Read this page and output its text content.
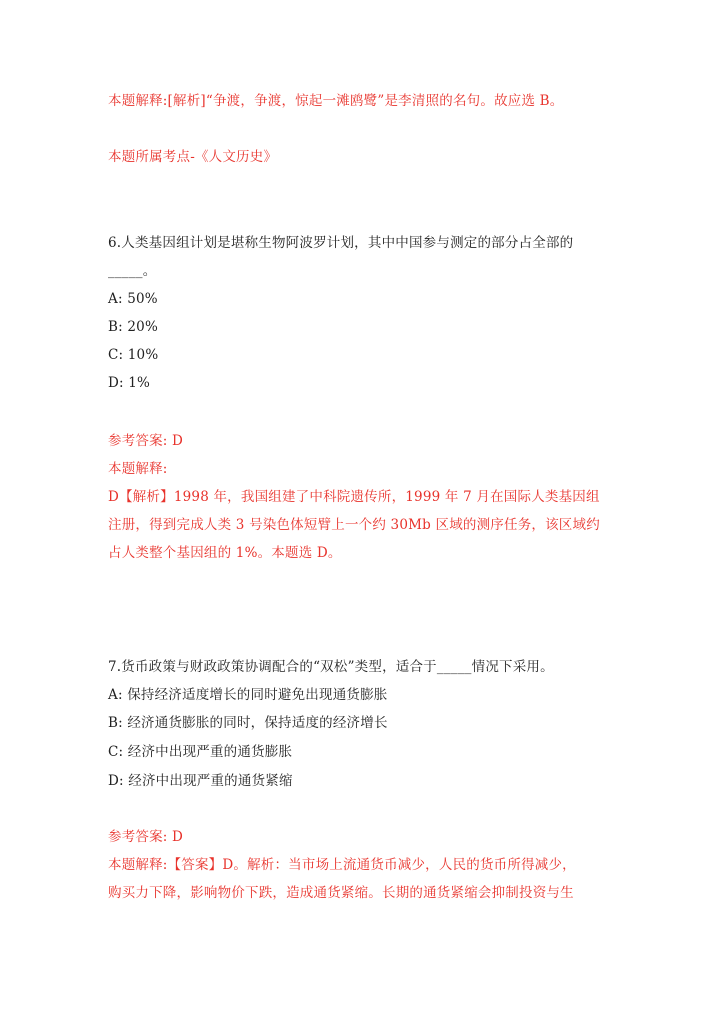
本题解释:[解析]“争渡，争渡，惊起一滩鸥鹭”是李清照的名句。故应选 B。
本题所属考点-《人文历史》
6.人类基因组计划是堪称生物阿波罗计划，其中中国参与测定的部分占全部的
_____。
A: 50%
B: 20%
C: 10%
D: 1%
参考答案: D
本题解释:
D【解析】1998 年，我国组建了中科院遗传所，1999 年 7 月在国际人类基因组
注册，得到完成人类 3 号染色体短臂上一个约 30Mb 区域的测序任务，该区域约
占人类整个基因组的 1%。本题选 D。
7.货币政策与财政政策协调配合的“双松”类型，适合于_____情况下采用。
A: 保持经济适度增长的同时避免出现通货膨胀
B: 经济通货膨胀的同时，保持适度的经济增长
C: 经济中出现严重的通货膨胀
D: 经济中出现严重的通货紧缩
参考答案: D
本题解释:【答案】D。解析：当市场上流通货币减少，人民的货币所得减少，
购买力下降，影响物价下跌，造成通货紧缩。长期的通货紧缩会抑制投资与生
